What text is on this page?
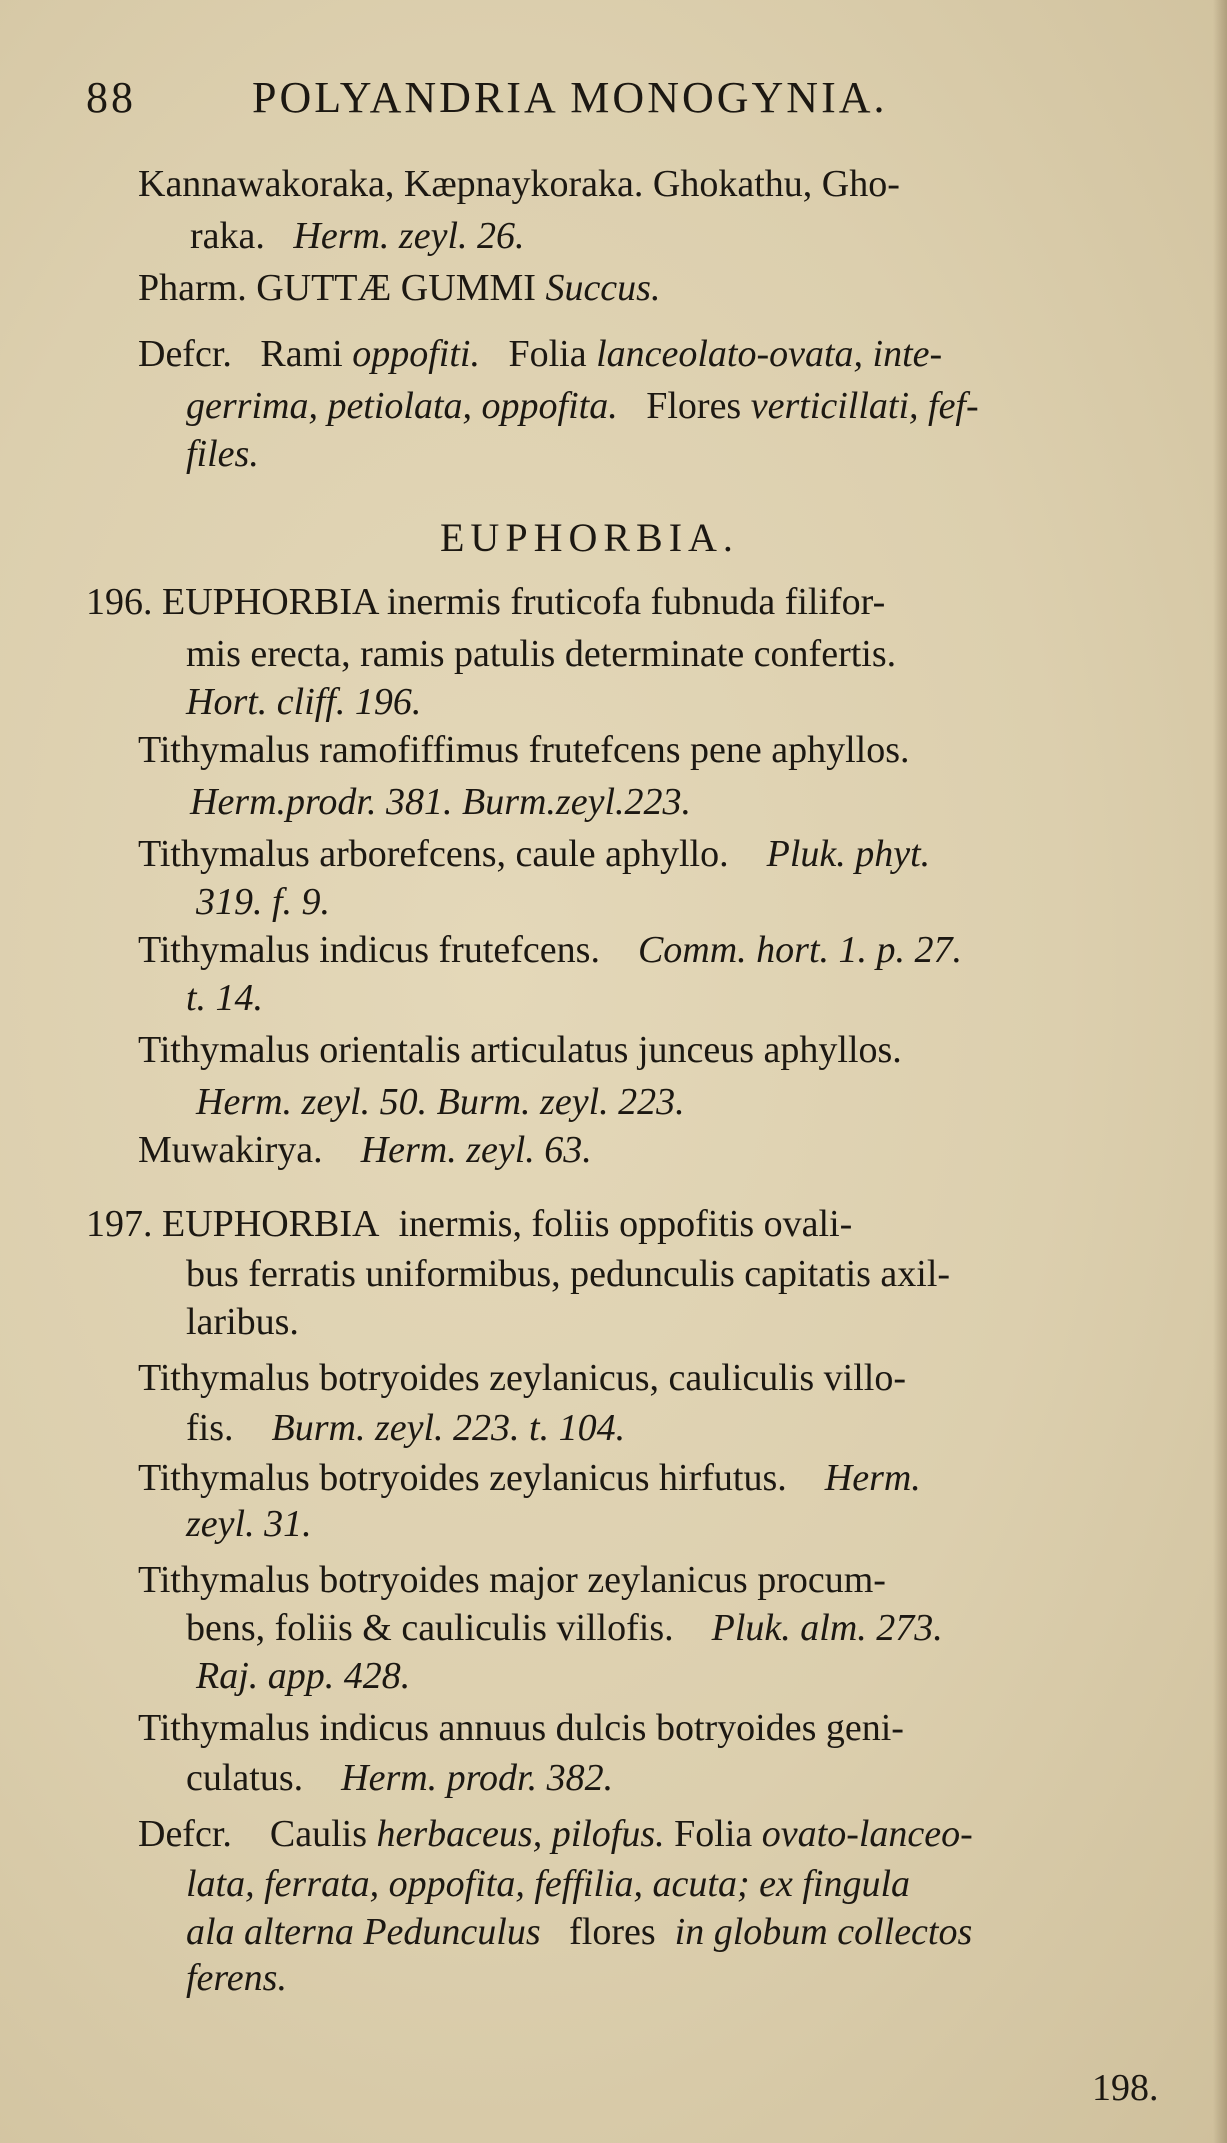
88	POLYANDRIA MONOGYNIA.
Kannawakoraka, Kæpnaykoraka. Ghokathu, Gho-
raka. Herm. zeyl. 26.
Pharm. GUTTÆ GUMMI Succus.
Defcr. Rami oppofiti. Folia lanceolato-ovata, inte-
gerrima, petiolata, oppofita. Flores verticillati, fef-
files.
EUPHORBIA.
196. EUPHORBIA inermis fruticofa fubnuda filifor-
mis erecta, ramis patulis determinate confertis.
Hort. cliff. 196.
Tithymalus ramofiffimus frutefcens pene aphyllos.
Herm.prodr. 381. Burm.zeyl.223.
Tithymalus arborefcens, caule aphyllo. Pluk. phyt.
319. f. 9.
Tithymalus indicus frutefcens. Comm. hort. 1. p. 27.
t. 14.
Tithymalus orientalis articulatus junceus aphyllos.
Herm. zeyl. 50. Burm. zeyl. 223.
Muwakirya. Herm. zeyl. 63.
197. EUPHORBIA inermis, foliis oppofitis ovali-
bus ferratis uniformibus, pedunculis capitatis axil-
laribus.
Tithymalus botryoides zeylanicus, cauliculis villo-
fis. Burm. zeyl. 223. t. 104.
Tithymalus botryoides zeylanicus hirfutus. Herm.
zeyl. 31.
Tithymalus botryoides major zeylanicus procum-
bens, foliis & cauliculis villofis. Pluk. alm. 273.
Raj. app. 428.
Tithymalus indicus annuus dulcis botryoides geni-
culatus. Herm. prodr. 382.
Defcr. Caulis herbaceus, pilofus. Folia ovato-lanceo-
lata, ferrata, oppofita, feffilia, acuta; ex fingula
ala alterna Pedunculus flores in globum collectos
ferens.
198.
